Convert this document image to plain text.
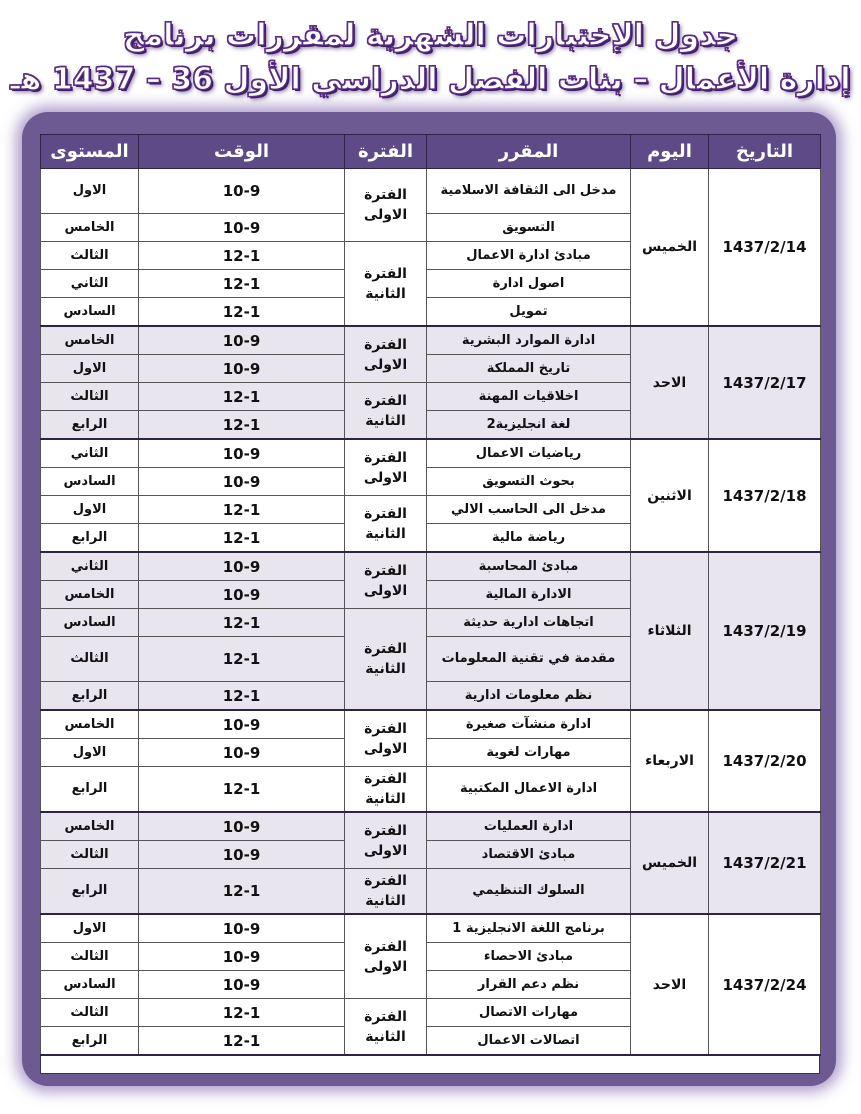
جدول الإختبارات الشهرية لمقررات برنامج
إدارة الأعمال – بنات الفصل الدراسي الأول 36 – 1437 هـ
التاريخ	اليوم	المقرر	الفترة	الوقت	المستوى
1437/2/14	الخميس	مدخل الى الثقافة الاسلامية	الفترة الاولى	10-9	الاول
		التسويق		10-9	الخامس
		مبادئ ادارة الاعمال	الفترة الثانية	12-1	الثالث
		اصول ادارة		12-1	الثاني
		تمويل		12-1	السادس
1437/2/17	الاحد	ادارة الموارد البشرية	الفترة الاولى	10-9	الخامس
		تاريخ المملكة		10-9	الاول
		اخلاقيات المهنة	الفترة الثانية	12-1	الثالث
		لغة انجليزية2		12-1	الرابع
1437/2/18	الاثنين	رياضيات الاعمال	الفترة الاولى	10-9	الثاني
		بحوث التسويق		10-9	السادس
		مدخل الى الحاسب الالي	الفترة الثانية	12-1	الاول
		رياضة مالية		12-1	الرابع
1437/2/19	الثلاثاء	مبادئ المحاسبة	الفترة الاولى	10-9	الثاني
		الادارة المالية		10-9	الخامس
		اتجاهات ادارية حديثة	الفترة الثانية	12-1	السادس
		مقدمة في تقنية المعلومات		12-1	الثالث
		نظم معلومات ادارية		12-1	الرابع
1437/2/20	الاربعاء	ادارة منشآت صغيرة	الفترة الاولى	10-9	الخامس
		مهارات لغوية		10-9	الاول
		ادارة الاعمال المكتبية	الفترة الثانية	12-1	الرابع
1437/2/21	الخميس	ادارة العمليات	الفترة الاولى	10-9	الخامس
		مبادئ الاقتصاد		10-9	الثالث
		السلوك التنظيمي	الفترة الثانية	12-1	الرابع
1437/2/24	الاحد	برنامج اللغة الانجليزية 1	الفترة الاولى	10-9	الاول
		مبادئ الاحصاء		10-9	الثالث
		نظم دعم القرار		10-9	السادس
		مهارات الاتصال	الفترة الثانية	12-1	الثالث
		اتصالات الاعمال		12-1	الرابع
